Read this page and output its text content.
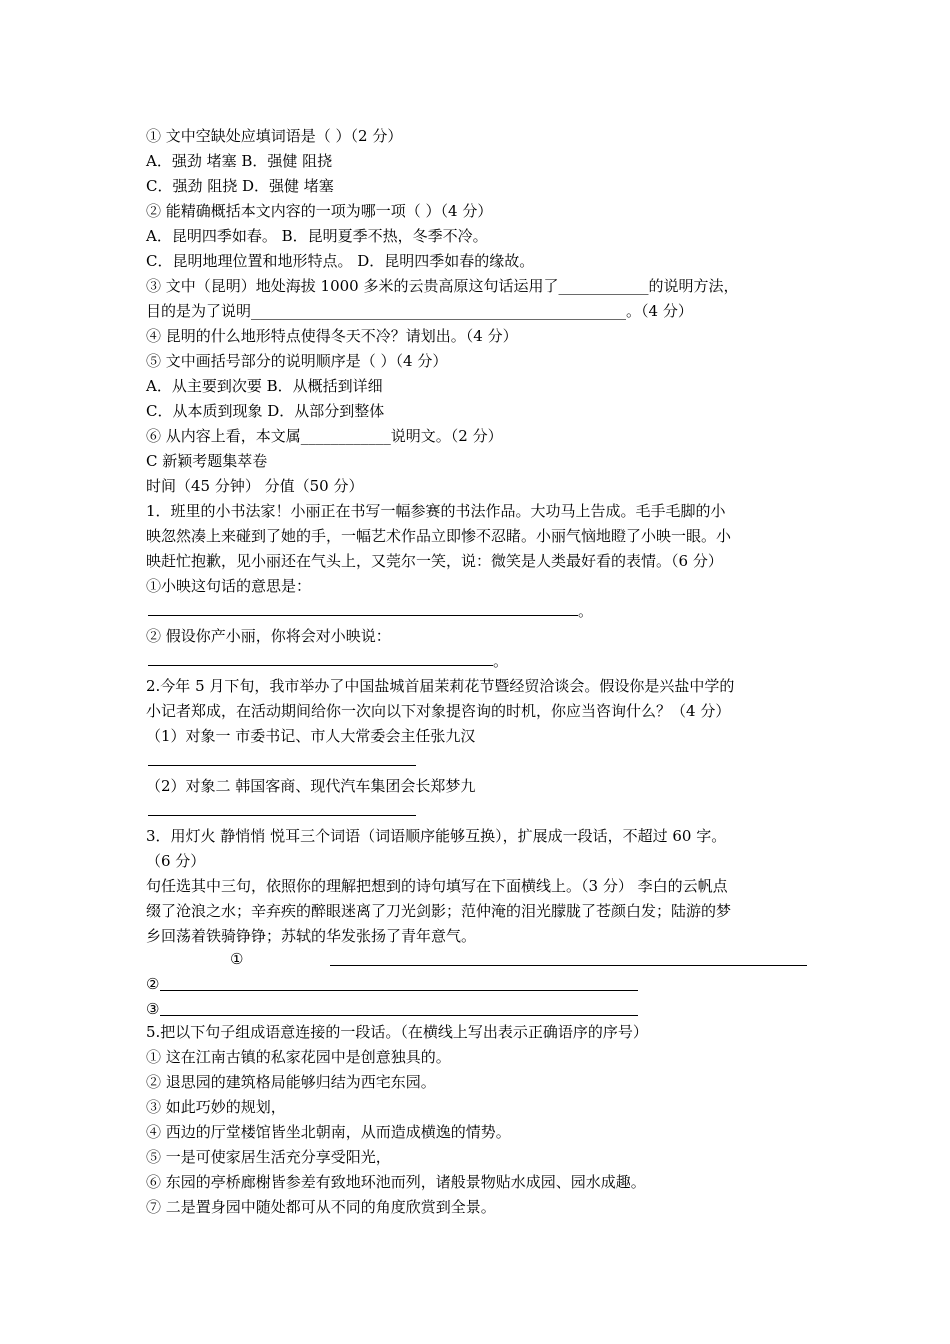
① 文中空缺处应填词语是（ ）（2 分）
A．强劲 堵塞 B．强健 阻挠
C．强劲 阻挠 D．强健 堵塞
② 能精确概括本文内容的一项为哪一项（ ）（4 分）
A．昆明四季如春。 B．昆明夏季不热，冬季不冷。
C．昆明地理位置和地形特点。 D．昆明四季如春的缘故。
③ 文中（昆明）地处海拔 1000 多米的云贵高原这句话运用了____________的说明方法，
目的是为了说明__________________________________________________。（4 分）
④ 昆明的什么地形特点使得冬天不冷？请划出。（4 分）
⑤ 文中画括号部分的说明顺序是（ ）（4 分）
A．从主要到次要 B．从概括到详细
C．从本质到现象 D．从部分到整体
⑥ 从内容上看，本文属____________说明文。（2 分）
C 新颖考题集萃卷
时间（45 分钟） 分值（50 分）
1．班里的小书法家！小丽正在书写一幅参赛的书法作品。大功马上告成。毛手毛脚的小
映忽然凑上来碰到了她的手，一幅艺术作品立即惨不忍睹。小丽气恼地瞪了小映一眼。小
映赶忙抱歉，见小丽还在气头上，又莞尔一笑，说：微笑是人类最好看的表情。（6 分）
①小映这句话的意思是：
。
② 假设你产小丽，你将会对小映说：
。
2.今年 5 月下旬，我市举办了中国盐城首届茉莉花节暨经贸洽谈会。假设你是兴盐中学的
小记者郑成，在活动期间给你一次向以下对象提咨询的时机，你应当咨询什么？（4 分）
（1）对象一 市委书记、市人大常委会主任张九汉
（2）对象二 韩国客商、现代汽车集团会长郑梦九
3．用灯火 静悄悄 悦耳三个词语（词语顺序能够互换），扩展成一段话，不超过 60 字。
（6 分）
句任选其中三句，依照你的理解把想到的诗句填写在下面横线上。（3 分） 李白的云帆点
缀了沧浪之水；辛弃疾的醉眼迷离了刀光剑影；范仲淹的泪光朦胧了苍颜白发；陆游的梦
乡回荡着铁骑铮铮；苏轼的华发张扬了青年意气。
①
②
③
5.把以下句子组成语意连接的一段话。（在横线上写出表示正确语序的序号）
① 这在江南古镇的私家花园中是创意独具的。
② 退思园的建筑格局能够归结为西宅东园。
③ 如此巧妙的规划，
④ 西边的厅堂楼馆皆坐北朝南，从而造成横逸的情势。
⑤ 一是可使家居生活充分享受阳光，
⑥ 东园的亭桥廊榭皆参差有致地环池而列，诸般景物贴水成园、园水成趣。
⑦ 二是置身园中随处都可从不同的角度欣赏到全景。
